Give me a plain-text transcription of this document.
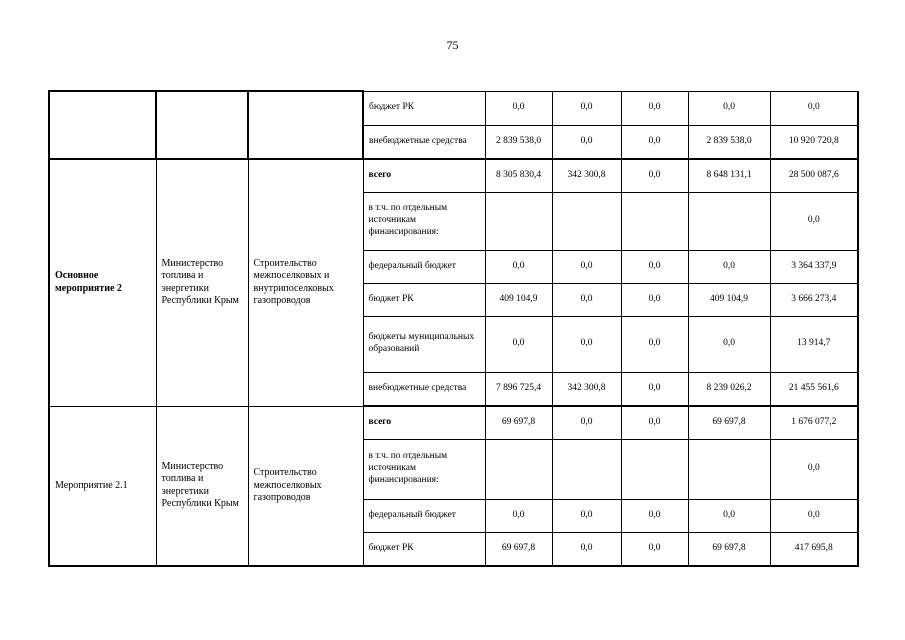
75
			бюджет РК	0,0	0,0	0,0	0,0	0,0
			внебюджетные средства	2 839 538,0	0,0	0,0	2 839 538,0	10 920 720,8
Основное мероприятие 2	Министерство топлива и энергетики Республики Крым	Строительство межпоселковых и внутрипоселковых газопроводов	всего	8 305 830,4	342 300,8	0,0	8 648 131,1	28 500 087,6
			в т.ч. по отдельным источникам финансирования:					0,0
			федеральный бюджет	0,0	0,0	0,0	0,0	3 364 337,9
			бюджет РК	409 104,9	0,0	0,0	409 104,9	3 666 273,4
			бюджеты муниципальных образований	0,0	0,0	0,0	0,0	13 914,7
			внебюджетные средства	7 896 725,4	342 300,8	0,0	8 239 026,2	21 455 561,6
Мероприятие 2.1	Министерство топлива и энергетики Республики Крым	Строительство межпоселковых газопроводов	всего	69 697,8	0,0	0,0	69 697,8	1 676 077,2
			в т.ч. по отдельным источникам финансирования:					0,0
			федеральный бюджет	0,0	0,0	0,0	0,0	0,0
			бюджет РК	69 697,8	0,0	0,0	69 697,8	417 695,8
